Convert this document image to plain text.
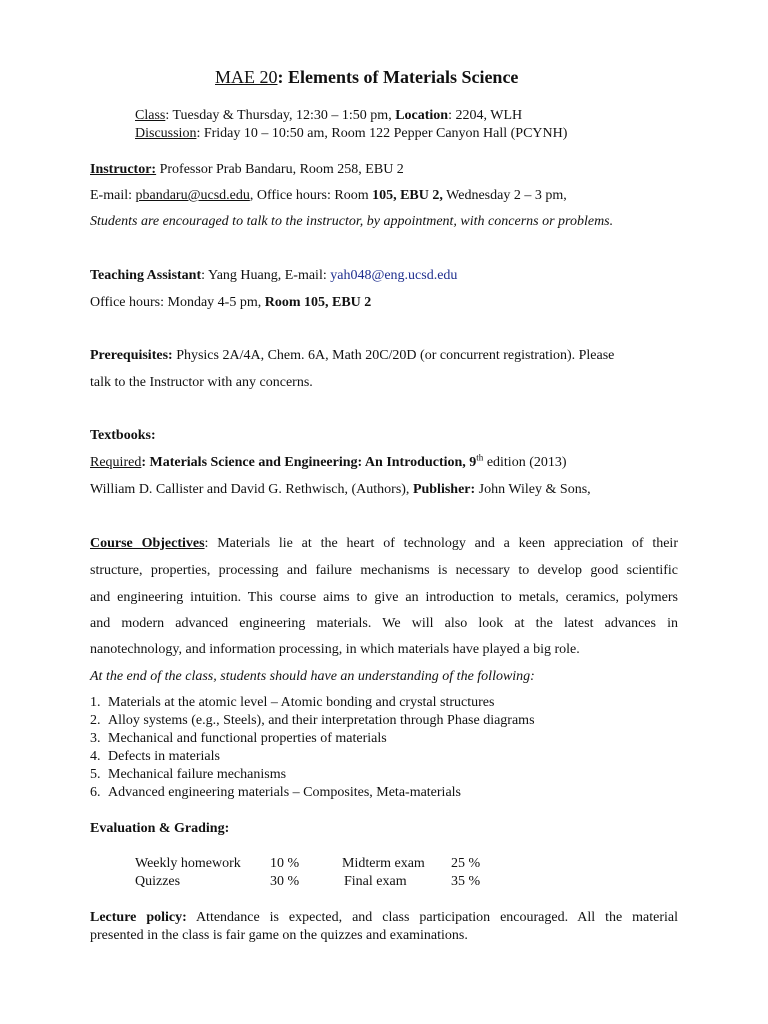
MAE 20: Elements of Materials Science
Class: Tuesday & Thursday, 12:30 – 1:50 pm, Location: 2204, WLH
Discussion: Friday 10 – 10:50 am, Room 122 Pepper Canyon Hall (PCYNH)
Instructor: Professor Prab Bandaru, Room 258, EBU 2
E-mail: pbandaru@ucsd.edu, Office hours: Room 105, EBU 2, Wednesday 2 – 3 pm,
Students are encouraged to talk to the instructor, by appointment, with concerns or problems.
Teaching Assistant: Yang Huang, E-mail: yah048@eng.ucsd.edu
Office hours: Monday 4-5 pm, Room 105, EBU 2
Prerequisites: Physics 2A/4A, Chem. 6A, Math 20C/20D (or concurrent registration). Please
talk to the Instructor with any concerns.
Textbooks:
Required: Materials Science and Engineering: An Introduction, 9th edition (2013)
William D. Callister and David G. Rethwisch, (Authors), Publisher: John Wiley & Sons,
Course Objectives: Materials lie at the heart of technology and a keen appreciation of their
structure, properties, processing and failure mechanisms is necessary to develop good scientific
and engineering intuition. This course aims to give an introduction to metals, ceramics, polymers
and modern advanced engineering materials. We will also look at the latest advances in
nanotechnology, and information processing, in which materials have played a big role.
At the end of the class, students should have an understanding of the following:
1. Materials at the atomic level – Atomic bonding and crystal structures
2. Alloy systems (e.g., Steels), and their interpretation through Phase diagrams
3. Mechanical and functional properties of materials
4. Defects in materials
5. Mechanical failure mechanisms
6. Advanced engineering materials – Composites, Meta-materials
Evaluation & Grading:
Weekly homework 10 %	Midterm exam 25 %
Quizzes	30 %	Final exam	35 %
Lecture policy: Attendance is expected, and class participation encouraged. All the material
presented in the class is fair game on the quizzes and examinations.
